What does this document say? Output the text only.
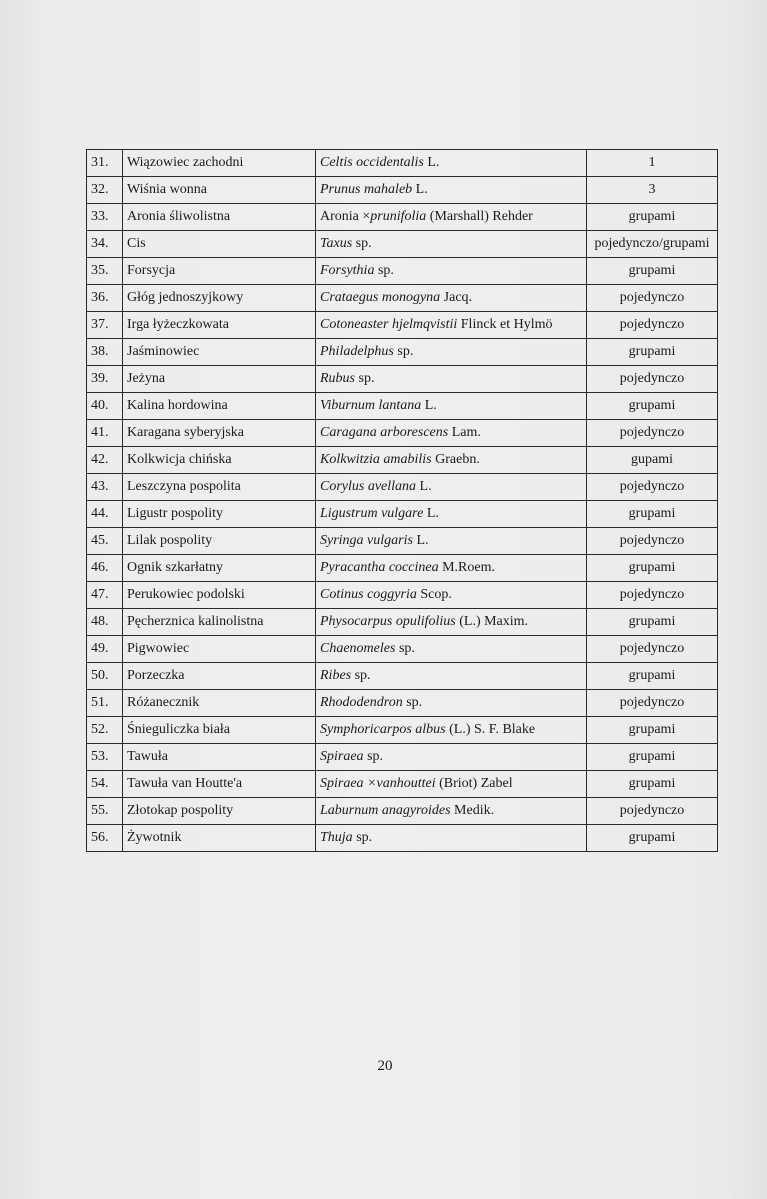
31.	Wiązowiec zachodni	Celtis occidentalis L.	1
32.	Wiśnia wonna	Prunus mahaleb L.	3
33.	Aronia śliwolistna	Aronia ×prunifolia (Marshall) Rehder	grupami
34.	Cis	Taxus sp.	pojedynczo/grupami
35.	Forsycja	Forsythia sp.	grupami
36.	Głóg jednoszyjkowy	Crataegus monogyna Jacq.	pojedynczo
37.	Irga łyżeczkowata	Cotoneaster hjelmqvistii Flinck et Hylmö	pojedynczo
38.	Jaśminowiec	Philadelphus sp.	grupami
39.	Jeżyna	Rubus sp.	pojedynczo
40.	Kalina hordowina	Viburnum lantana L.	grupami
41.	Karagana syberyjska	Caragana arborescens Lam.	pojedynczo
42.	Kolkwicja chińska	Kolkwitzia amabilis Graebn.	gupami
43.	Leszczyna pospolita	Corylus avellana L.	pojedynczo
44.	Ligustr pospolity	Ligustrum vulgare L.	grupami
45.	Lilak pospolity	Syringa vulgaris L.	pojedynczo
46.	Ognik szkarłatny	Pyracantha coccinea M.Roem.	grupami
47.	Perukowiec podolski	Cotinus coggyria Scop.	pojedynczo
48.	Pęcherznica kalinolistna	Physocarpus opulifolius (L.) Maxim.	grupami
49.	Pigwowiec	Chaenomeles sp.	pojedynczo
50.	Porzeczka	Ribes sp.	grupami
51.	Różanecznik	Rhododendron sp.	pojedynczo
52.	Śnieguliczka biała	Symphoricarpos albus (L.) S. F. Blake	grupami
53.	Tawuła	Spiraea sp.	grupami
54.	Tawuła van Houtte'a	Spiraea ×vanhouttei (Briot) Zabel	grupami
55.	Złotokap pospolity	Laburnum anagyroides Medik.	pojedynczo
56.	Żywotnik	Thuja sp.	grupami
20
